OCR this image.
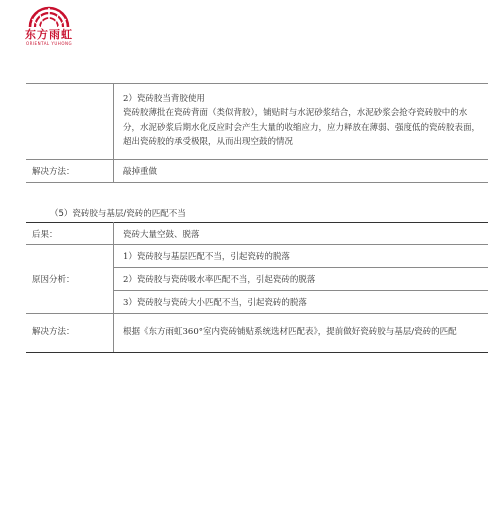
东方雨虹
ORIENTAL YUHONG

	2）瓷砖胶当背胶使用
瓷砖胶薄批在瓷砖背面（类似背胶），铺贴时与水泥砂浆结合，水泥砂浆会抢夺瓷砖胶中的水分，水泥砂浆后期水化反应时会产生大量的收缩应力，应力释放在薄弱、强度低的瓷砖胶表面，超出瓷砖胶的承受极限，从而出现空鼓的情况

解决方法：	敲掉重做
（5）瓷砖胶与基层/瓷砖的匹配不当
后果：	瓷砖大量空鼓、脱落
原因分析：	1）瓷砖胶与基层匹配不当，引起瓷砖的脱落
	2）瓷砖胶与瓷砖吸水率匹配不当，引起瓷砖的脱落
	3）瓷砖胶与瓷砖大小匹配不当，引起瓷砖的脱落
解决方法：	根据《东方雨虹360°室内瓷砖铺贴系统选材匹配表》，提前做好瓷砖胶与基层/瓷砖的匹配
